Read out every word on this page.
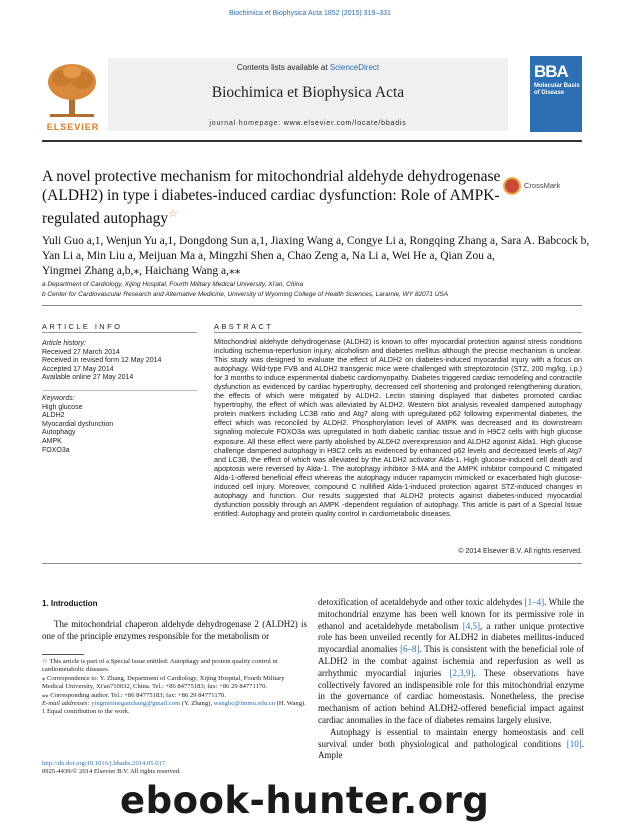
Biochimica et Biophysica Acta 1852 (2015) 319–331
ELSEVIER
Contents lists available at ScienceDirect
Biochimica et Biophysica Acta
journal homepage: www.elsevier.com/locate/bbadis
BBA
Molecular Basis of Disease
A novel protective mechanism for mitochondrial aldehyde dehydrogenase (ALDH2) in type i diabetes-induced cardiac dysfunction: Role of AMPK-regulated autophagy☆
CrossMark
Yuli Guo a,1, Wenjun Yu a,1, Dongdong Sun a,1, Jiaxing Wang a, Congye Li a, Rongqing Zhang a, Sara A. Babcock b,
Yan Li a, Min Liu a, Meijuan Ma a, Mingzhi Shen a, Chao Zeng a, Na Li a, Wei He a, Qian Zou a,
Yingmei Zhang a,b,⁎, Haichang Wang a,⁎⁎
a Department of Cardiology, Xijing Hospital, Fourth Military Medical University, Xi'an, China
b Center for Cardiovascular Research and Alternative Medicine, University of Wyoming College of Health Sciences, Laramie, WY 82071 USA
ARTICLE INFO	ABSTRACT
Article history:
Received 27 March 2014
Received in revised form 12 May 2014
Accepted 17 May 2014
Available online 27 May 2014
Keywords:
High glucose
ALDH2
Myocardial dysfunction
Autophagy
AMPK
FOXO3a
Mitochondrial aldehyde dehydrogenase (ALDH2) is known to offer myocardial protection against stress conditions including ischemia-reperfusion injury, alcoholism and diabetes mellitus although the precise mechanism is unclear. This study was designed to evaluate the effect of ALDH2 on diabetes-induced myocardial injury with a focus on autophagy. Wild-type FVB and ALDH2 transgenic mice were challenged with streptozotocin (STZ, 200 mg/kg, i.p.) for 3 months to induce experimental diabetic cardiomyopathy. Diabetes triggered cardiac remodeling and contractile dysfunction as evidenced by cardiac hypertrophy, decreased cell shortening and prolonged relengthening duration, the effects of which were mitigated by ALDH2. Lectin staining displayed that diabetes promoted cardiac hypertrophy, the effect of which was alleviated by ALDH2. Western blot analysis revealed dampened autophagy protein markers including LC3B ratio and Atg7 along with upregulated p62 following experimental diabetes, the effect which was reconciled by ALDH2. Phosphorylation level of AMPK was decreased and its downstream signaling molecule FOXO3a was upregulated in both diabetic cardiac tissue and in H9C2 cells with high glucose exposure. All these effect were partly abolished by ALDH2 overexpression and ALDH2 agonist Alda1. High glucose challenge dampened autophagy in H9C2 cells as evidenced by enhanced p62 levels and decreased levels of Atg7 and LC3B, the effect of which was alleviated by the ALDH2 activator Alda-1. High glucose-induced cell death and apoptosis were reversed by Alda-1. The autophagy inhibitor 3-MA and the AMPK inhibitor compound C mitigated Alda-1-offered beneficial effect whereas the autophagy inducer rapamycin mimicked or exacerbated high glucose-induced cell injury. Moreover, compound C nullified Alda-1-induced protection against STZ-induced changes in autophagy and function. Our results suggested that ALDH2 protects against diabetes-induced myocardial dysfunction possibly through an AMPK -dependent regulation of autophagy. This article is part of a Special Issue entitled: Autophagy and protein quality control in cardiometabolic diseases.
© 2014 Elsevier B.V. All rights reserved.
1. Introduction

The mitochondrial chaperon aldehyde dehydrogenase 2 (ALDH2) is one of the principle enzymes responsible for the metabolism or

detoxification of acetaldehyde and other toxic aldehydes [1–4]. While the mitochondrial enzyme has been well known for its permissive role in ethanol and acetaldehyde metabolism [4,5], a rather unique protective role has been unveiled recently for ALDH2 in diabetes mellitus-induced myocardial anomalies [6–8]. This is consistent with the beneficial role of ALDH2 in the combat against ischemia and reperfusion as well as arrhythmic myocardial injuries [2,3,9]. These observations have collectively favored an indispensible role for this mitochondrial enzyme in the governance of cardiac homeostasis. Nonetheless, the precise mechanism of action behind ALDH2-offered beneficial impact against cardiac anomalies in the face of diabetes remains largely elusive.

Autophagy is essential to maintain energy homeostasis and cell survival under both physiological and pathological conditions [10]. Ample

☆ This article is part of a Special Issue entitled: Autophagy and protein quality control in cardiometabolic diseases.
⁎ Correspondence to: Y. Zhang, Department of Cardiology, Xijing Hospital, Fourth Military Medical University, Xi'an710032, China. Tel.: +86 84775183; fax: +86 29 84771170.
⁎⁎ Corresponding author. Tel.: +86 84775183; fax: +86 29 84771170.
E-mail addresses: yingmeimeganzhang@gmail.com (Y. Zhang), wanghc@fmmu.edu.cn (H. Wang).
1 Equal contribution to the work.
http://dx.doi.org/10.1016/j.bbadis.2014.05.017
0925-4439/© 2014 Elsevier B.V. All rights reserved.
ebook-hunter.org
